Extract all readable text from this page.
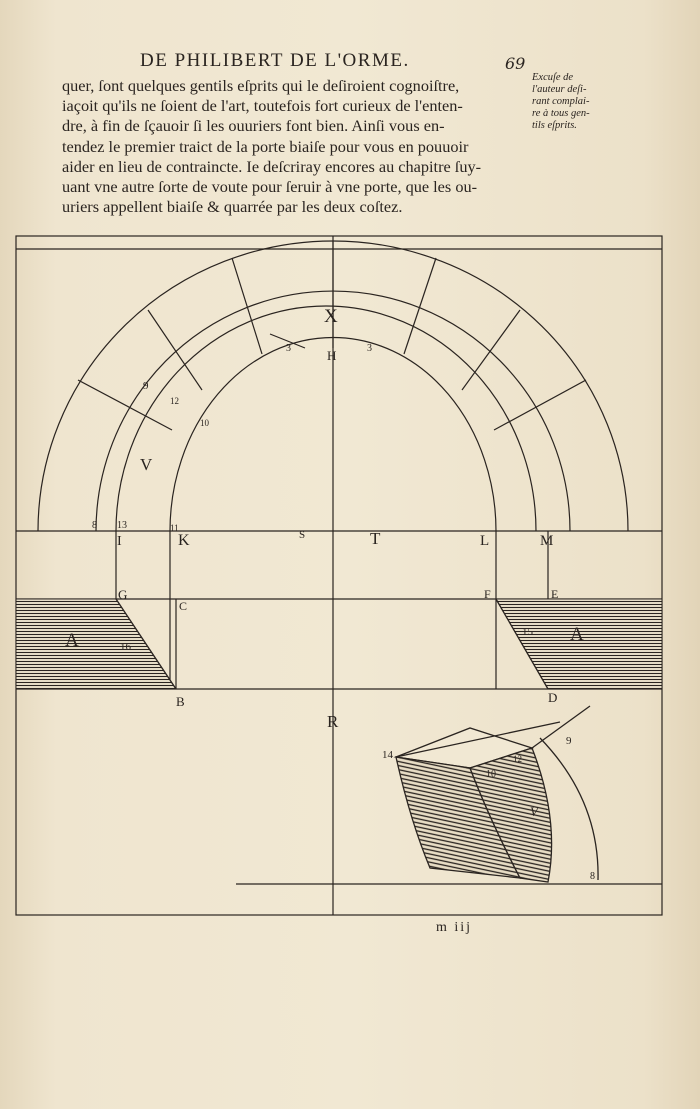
DE PHILIBERT DE L'ORME.	69

quer, ſont quelques gentils eſprits qui le deſiroient cognoiſtre,

iaçoit qu'ils ne ſoient de l'art, toutefois fort curieux de l'enten-

dre, à fin de ſçauoir ſi les ouuriers font bien. Ainſi vous en-

tendez le premier traict de la porte biaiſe pour vous en pouuoir

aider en lieu de contraincte. Ie deſcriray encores au chapitre ſuy-

uant vne autre ſorte de voute pour ſeruir à vne porte, que les ou-

uriers appellent biaiſe & quarrée par les deux coſtez.

Excuſe de
l'auteur deſi-
rant complai-
re à tous gen-
tils eſprits.
X
H
V
I	K	S	T	L	M
G
C
F	E
A	A
B	D
R
V
3	3
9
12
10
8 13	11
16
15
14
9
10
12
8
m iij
